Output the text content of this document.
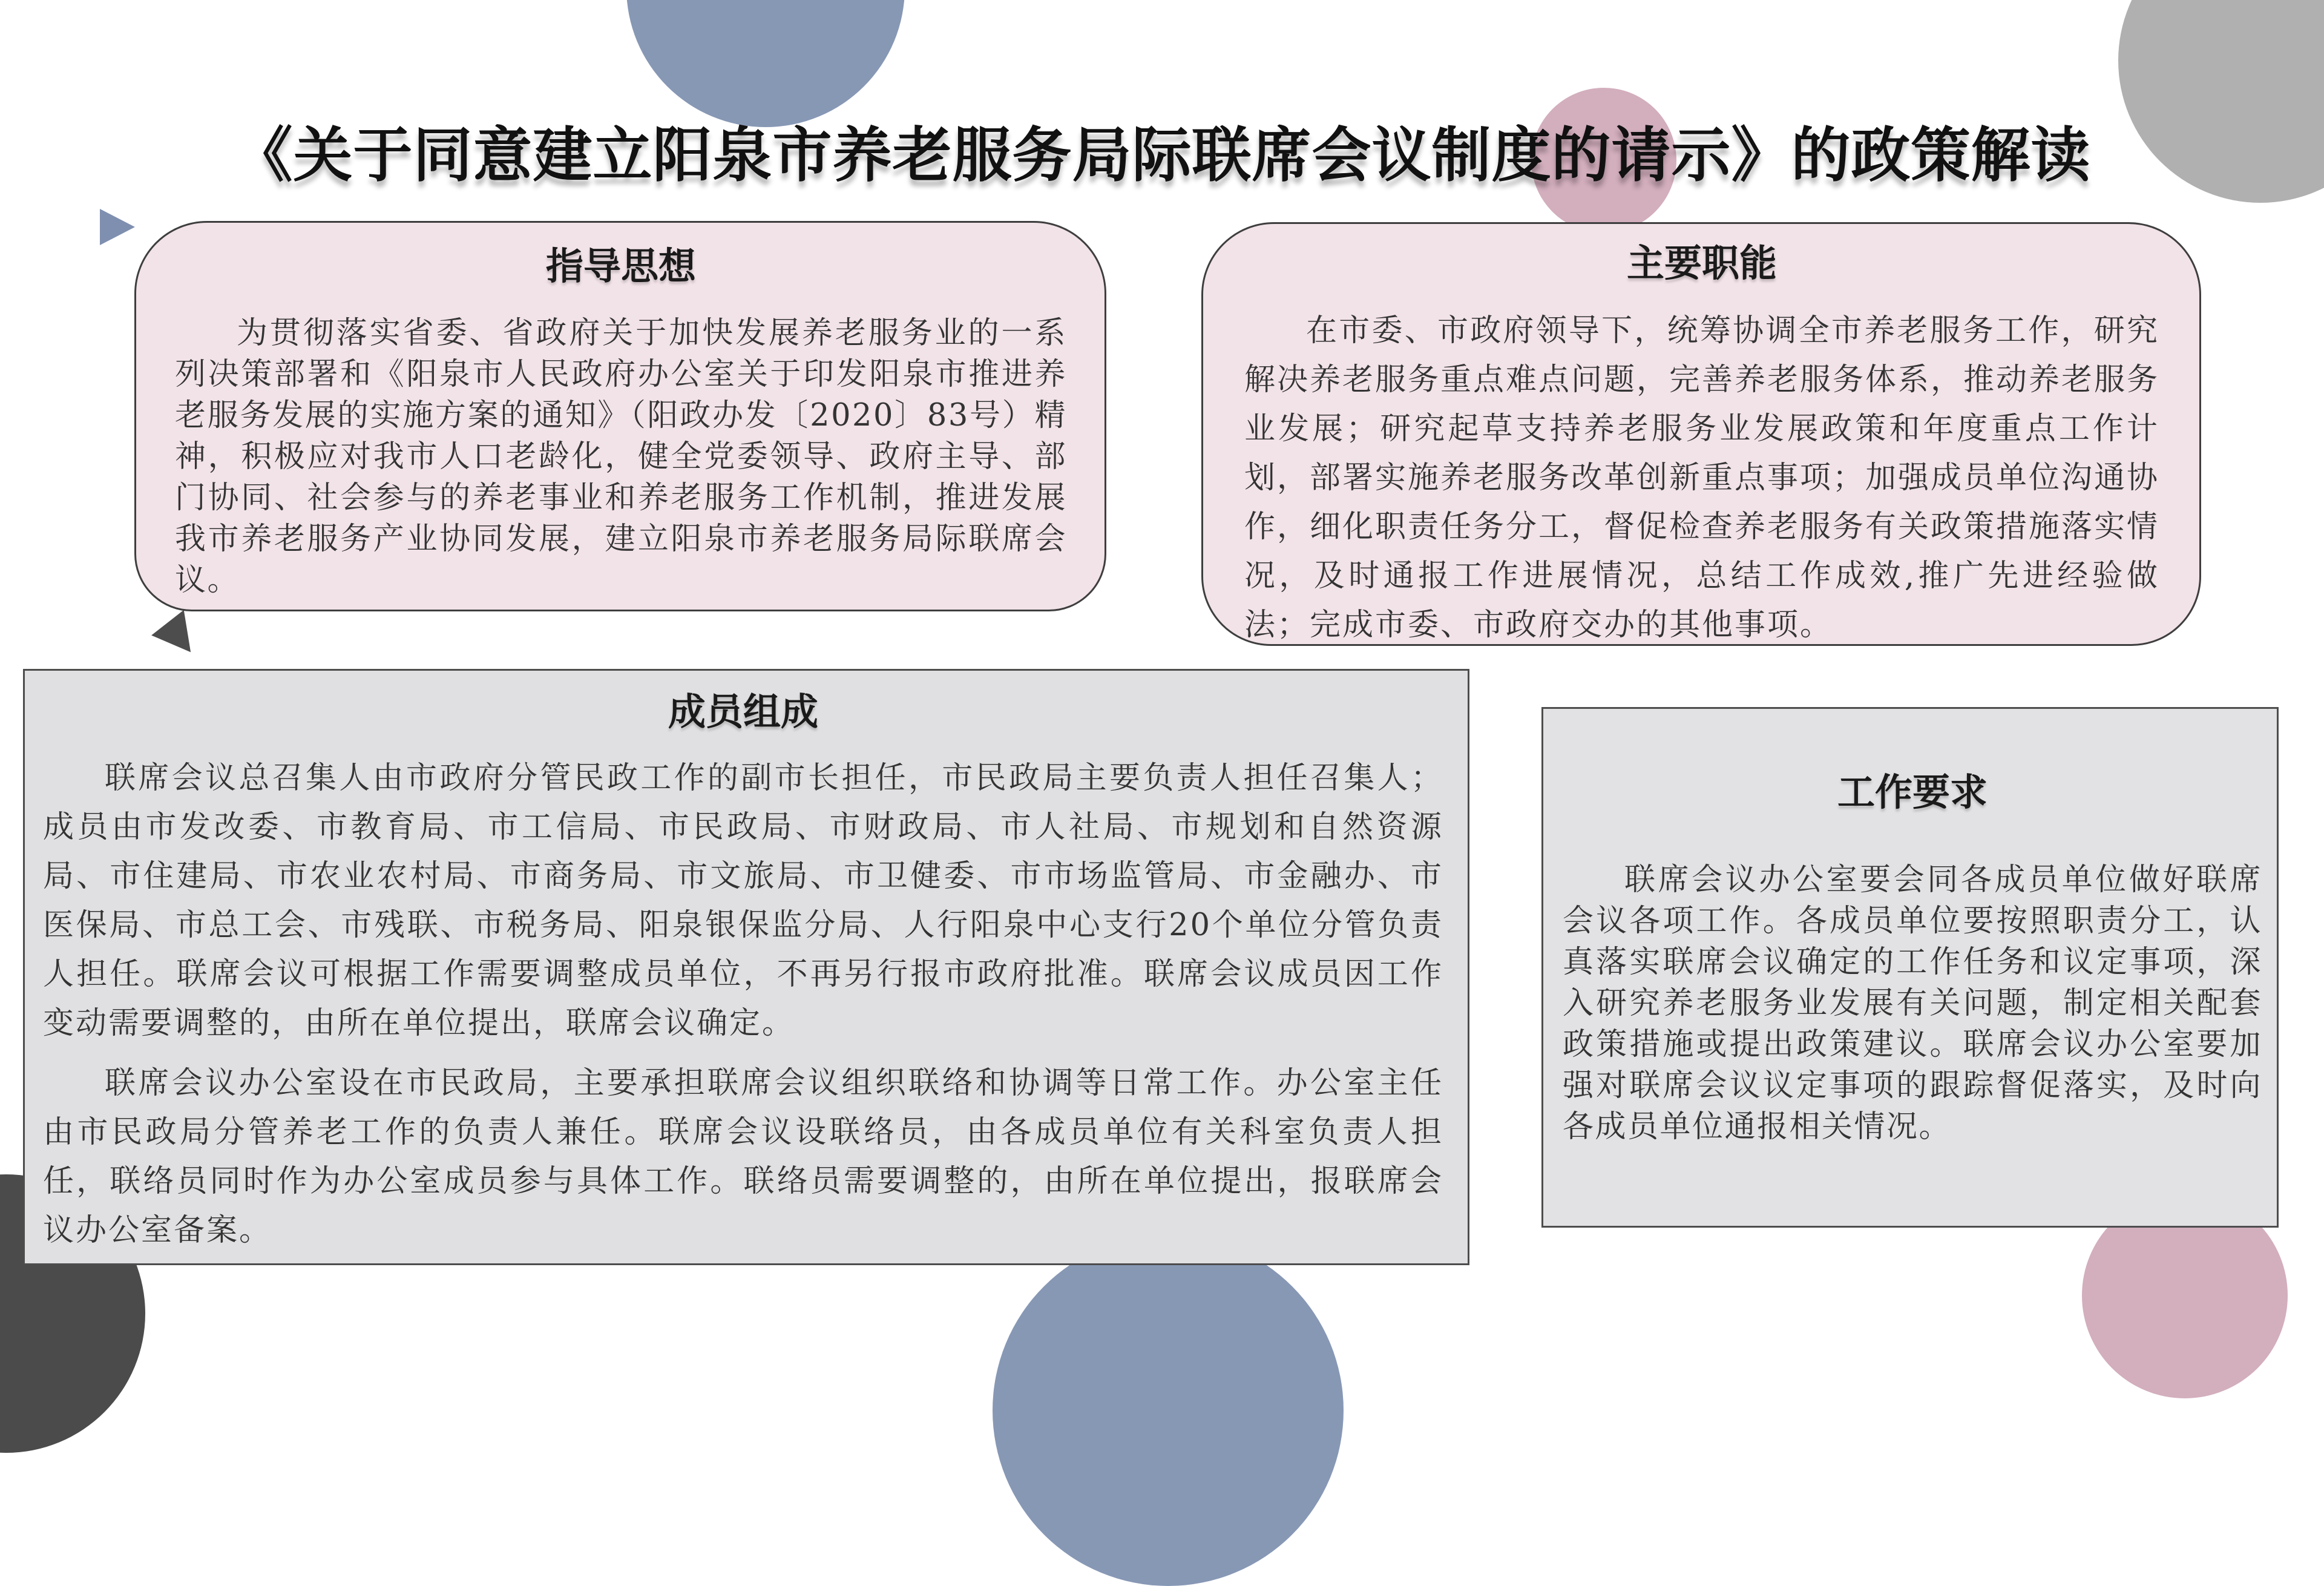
《关于同意建立阳泉市养老服务局际联席会议制度的请示》的政策解读
指导思想

为贯彻落实省委、省政府关于加快发展养老服务业的一系列决策部署和《阳泉市人民政府办公室关于印发阳泉市推进养老服务发展的实施方案的通知》（阳政办发〔2020〕83号）精神，积极应对我市人口老龄化，健全党委领导、政府主导、部门协同、社会参与的养老事业和养老服务工作机制，推进发展我市养老服务产业协同发展，建立阳泉市养老服务局际联席会议。

主要职能

在市委、市政府领导下，统筹协调全市养老服务工作，研究解决养老服务重点难点问题，完善养老服务体系，推动养老服务业发展；研究起草支持养老服务业发展政策和年度重点工作计划，部署实施养老服务改革创新重点事项；加强成员单位沟通协作，细化职责任务分工，督促检查养老服务有关政策措施落实情况，及时通报工作进展情况，总结工作成效,推广先进经验做法；完成市委、市政府交办的其他事项。

成员组成

联席会议总召集人由市政府分管民政工作的副市长担任，市民政局主要负责人担任召集人；成员由市发改委、市教育局、市工信局、市民政局、市财政局、市人社局、市规划和自然资源局、市住建局、市农业农村局、市商务局、市文旅局、市卫健委、市市场监管局、市金融办、市医保局、市总工会、市残联、市税务局、阳泉银保监分局、人行阳泉中心支行20个单位分管负责人担任。联席会议可根据工作需要调整成员单位，不再另行报市政府批准。联席会议成员因工作变动需要调整的，由所在单位提出，联席会议确定。

联席会议办公室设在市民政局，主要承担联席会议组织联络和协调等日常工作。办公室主任由市民政局分管养老工作的负责人兼任。联席会议设联络员，由各成员单位有关科室负责人担任，联络员同时作为办公室成员参与具体工作。联络员需要调整的，由所在单位提出，报联席会议办公室备案。

工作要求

联席会议办公室要会同各成员单位做好联席会议各项工作。各成员单位要按照职责分工，认真落实联席会议确定的工作任务和议定事项，深入研究养老服务业发展有关问题，制定相关配套政策措施或提出政策建议。联席会议办公室要加强对联席会议议定事项的跟踪督促落实，及时向各成员单位通报相关情况。
